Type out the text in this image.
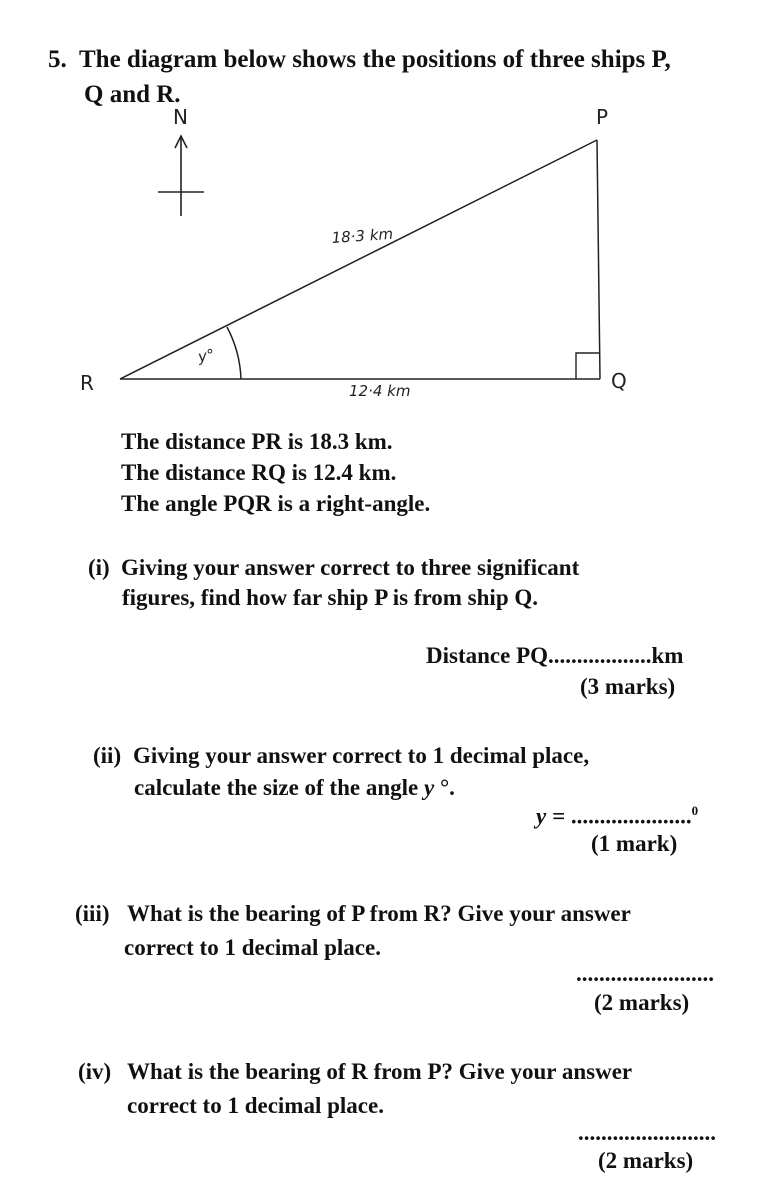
5. The diagram below shows the positions of three ships P,
Q and R.
N	P
Q
R
18·3 km
12·4 km
y°
The distance PR is 18.3 km.
The distance RQ is 12.4 km.
The angle PQR is a right-angle.
(i) Giving your answer correct to three significant
figures, find how far ship P is from ship Q.
Distance PQ..................km
(3 marks)
(ii) Giving your answer correct to 1 decimal place,
calculate the size of the angle y °.
y = .....................$^0$
(1 mark)
(iii) What is the bearing of P from R? Give your answer
correct to 1 decimal place.
........................
(2 marks)
(iv) What is the bearing of R from P? Give your answer
correct to 1 decimal place.
........................
(2 marks)
